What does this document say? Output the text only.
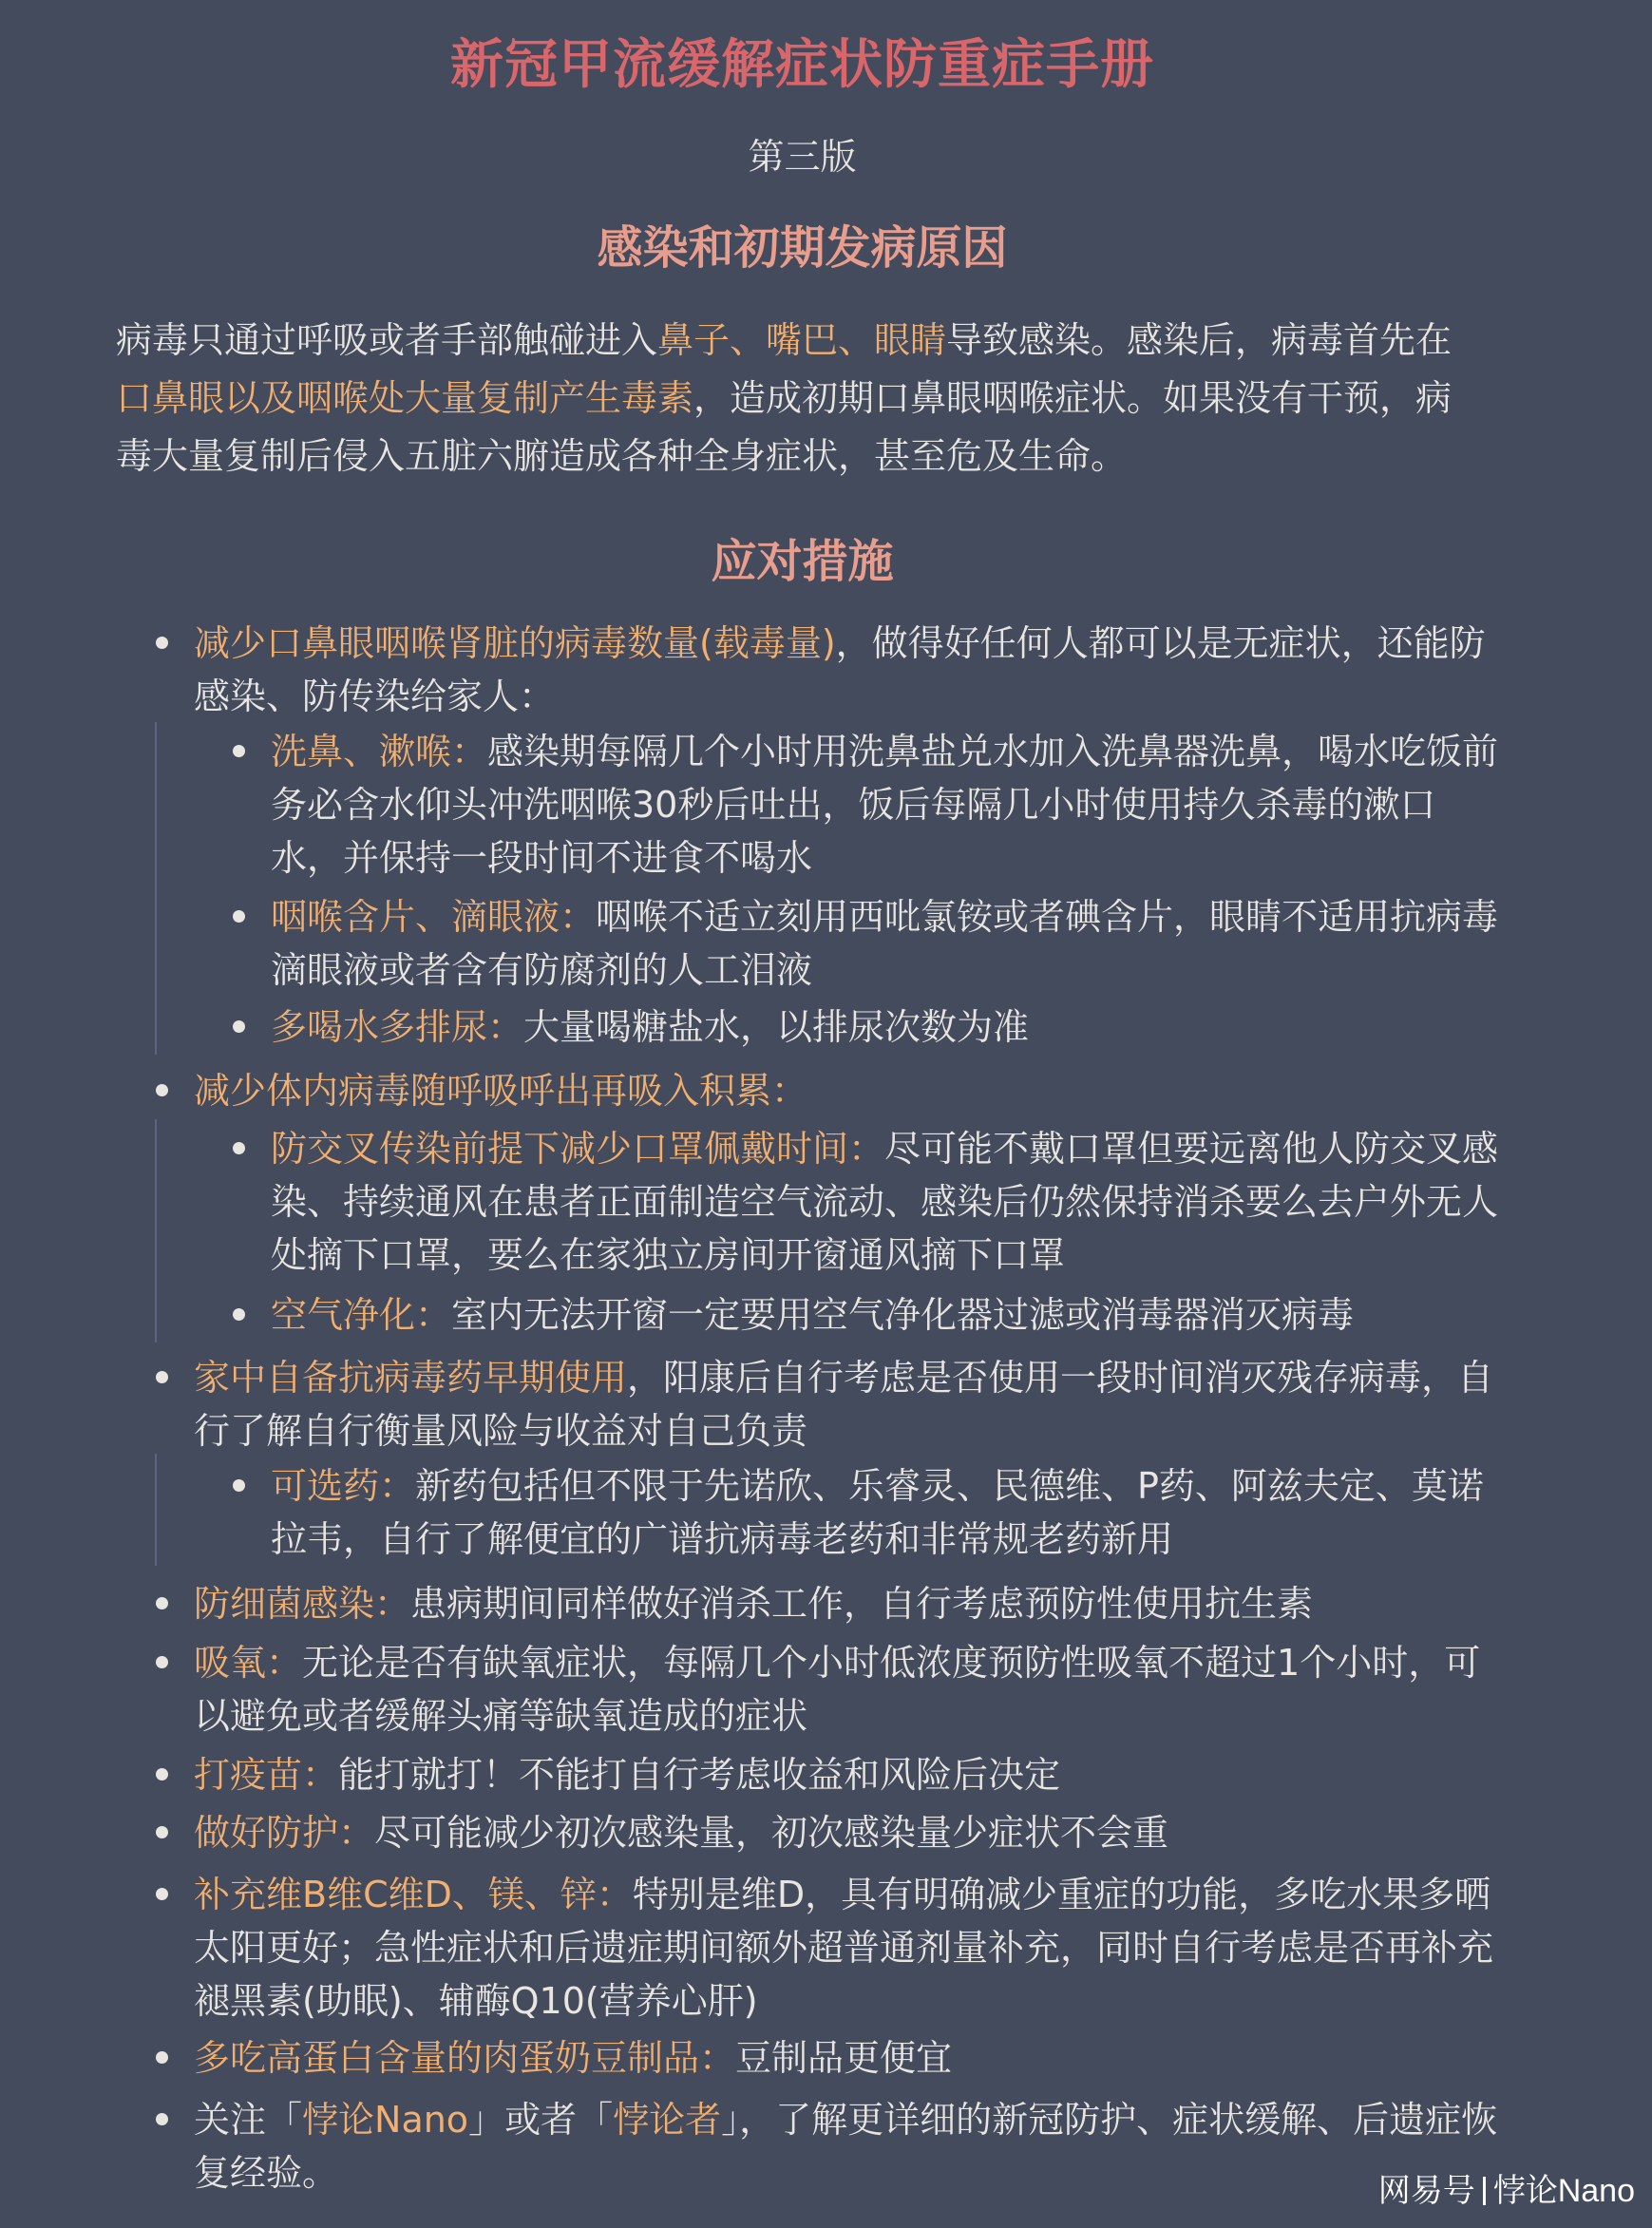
新冠甲流缓解症状防重症手册
第三版
感染和初期发病原因
病毒只通过呼吸或者手部触碰进入鼻子、嘴巴、眼睛导致感染。感染后，病毒首先在口鼻眼以及咽喉处大量复制产生毒素，造成初期口鼻眼咽喉症状。如果没有干预，病毒大量复制后侵入五脏六腑造成各种全身症状，甚至危及生命。
应对措施
减少口鼻眼咽喉肾脏的病毒数量(载毒量)，做得好任何人都可以是无症状，还能防感染、防传染给家人：
洗鼻、漱喉：感染期每隔几个小时用洗鼻盐兑水加入洗鼻器洗鼻，喝水吃饭前务必含水仰头冲洗咽喉30秒后吐出，饭后每隔几小时使用持久杀毒的漱口水，并保持一段时间不进食不喝水
咽喉含片、滴眼液：咽喉不适立刻用西吡氯铵或者碘含片，眼睛不适用抗病毒滴眼液或者含有防腐剂的人工泪液
多喝水多排尿：大量喝糖盐水，以排尿次数为准
减少体内病毒随呼吸呼出再吸入积累：
防交叉传染前提下减少口罩佩戴时间：尽可能不戴口罩但要远离他人防交叉感染、持续通风在患者正面制造空气流动、感染后仍然保持消杀要么去户外无人处摘下口罩，要么在家独立房间开窗通风摘下口罩
空气净化：室内无法开窗一定要用空气净化器过滤或消毒器消灭病毒
家中自备抗病毒药早期使用，阳康后自行考虑是否使用一段时间消灭残存病毒，自行了解自行衡量风险与收益对自己负责
可选药：新药包括但不限于先诺欣、乐睿灵、民德维、P药、阿兹夫定、莫诺拉韦，自行了解便宜的广谱抗病毒老药和非常规老药新用
防细菌感染：患病期间同样做好消杀工作，自行考虑预防性使用抗生素
吸氧：无论是否有缺氧症状，每隔几个小时低浓度预防性吸氧不超过1个小时，可以避免或者缓解头痛等缺氧造成的症状
打疫苗：能打就打！不能打自行考虑收益和风险后决定
做好防护：尽可能减少初次感染量，初次感染量少症状不会重
补充维B维C维D、镁、锌：特别是维D，具有明确减少重症的功能，多吃水果多晒太阳更好；急性症状和后遗症期间额外超普通剂量补充，同时自行考虑是否再补充褪黑素(助眠)、辅酶Q10(营养心肝)
多吃高蛋白含量的肉蛋奶豆制品：豆制品更便宜
关注「悖论Nano」或者「悖论者」，了解更详细的新冠防护、症状缓解、后遗症恢复经验。	网易号 悖论Nano
